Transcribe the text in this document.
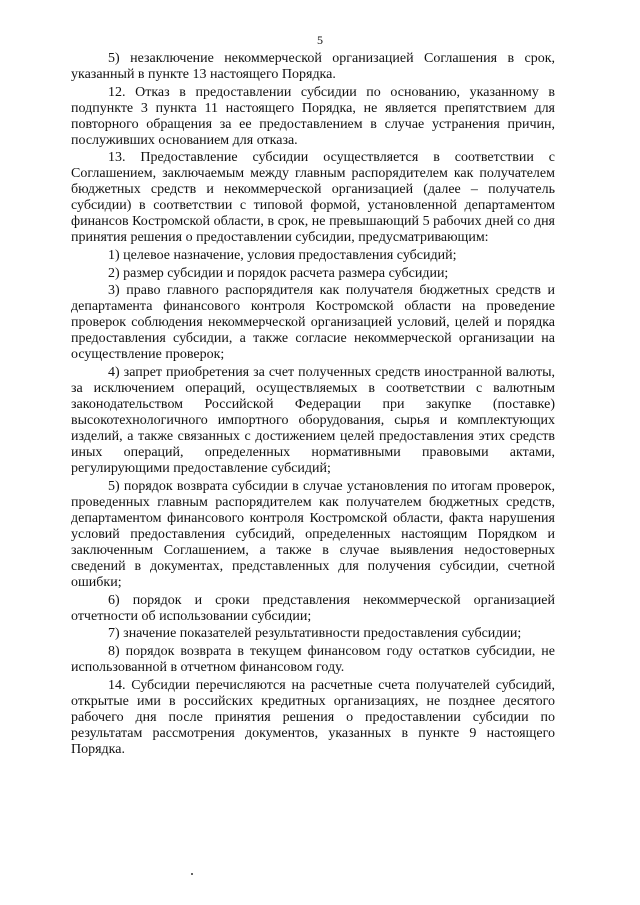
5

5) незаключение некоммерческой организацией Соглашения в срок, указанный в пункте 13 настоящего Порядка.

12. Отказ в предоставлении субсидии по основанию, указанному в подпункте 3 пункта 11 настоящего Порядка, не является препятствием для повторного обращения за ее предоставлением в случае устранения причин, послуживших основанием для отказа.

13. Предоставление субсидии осуществляется в соответствии с Соглашением, заключаемым между главным распорядителем как получателем бюджетных средств и некоммерческой организацией (далее – получатель субсидии) в соответствии с типовой формой, установленной департаментом финансов Костромской области, в срок, не превышающий 5 рабочих дней со дня принятия решения о предоставлении субсидии, предусматривающим:

1) целевое назначение, условия предоставления субсидий;

2) размер субсидии и порядок расчета размера субсидии;

3) право главного распорядителя как получателя бюджетных средств и департамента финансового контроля Костромской области на проведение проверок соблюдения некоммерческой организацией условий, целей и порядка предоставления субсидии, а также согласие некоммерческой организации на осуществление проверок;

4) запрет приобретения за счет полученных средств иностранной валюты, за исключением операций, осуществляемых в соответствии с валютным законодательством Российской Федерации при закупке (поставке) высокотехнологичного импортного оборудования, сырья и комплектующих изделий, а также связанных с достижением целей предоставления этих средств иных операций, определенных нормативными правовыми актами, регулирующими предоставление субсидий;

5) порядок возврата субсидии в случае установления по итогам проверок, проведенных главным распорядителем как получателем бюджетных средств, департаментом финансового контроля Костромской области, факта нарушения условий предоставления субсидий, определенных настоящим Порядком и заключенным Соглашением, а также в случае выявления недостоверных сведений в документах, представленных для получения субсидии, счетной ошибки;

6) порядок и сроки представления некоммерческой организацией отчетности об использовании субсидии;

7) значение показателей результативности предоставления субсидии;

8) порядок возврата в текущем финансовом году остатков субсидии, не использованной в отчетном финансовом году.

14. Субсидии перечисляются на расчетные счета получателей субсидий, открытые ими в российских кредитных организациях, не позднее десятого рабочего дня после принятия решения о предоставлении субсидии по результатам рассмотрения документов, указанных в пункте 9 настоящего Порядка.
